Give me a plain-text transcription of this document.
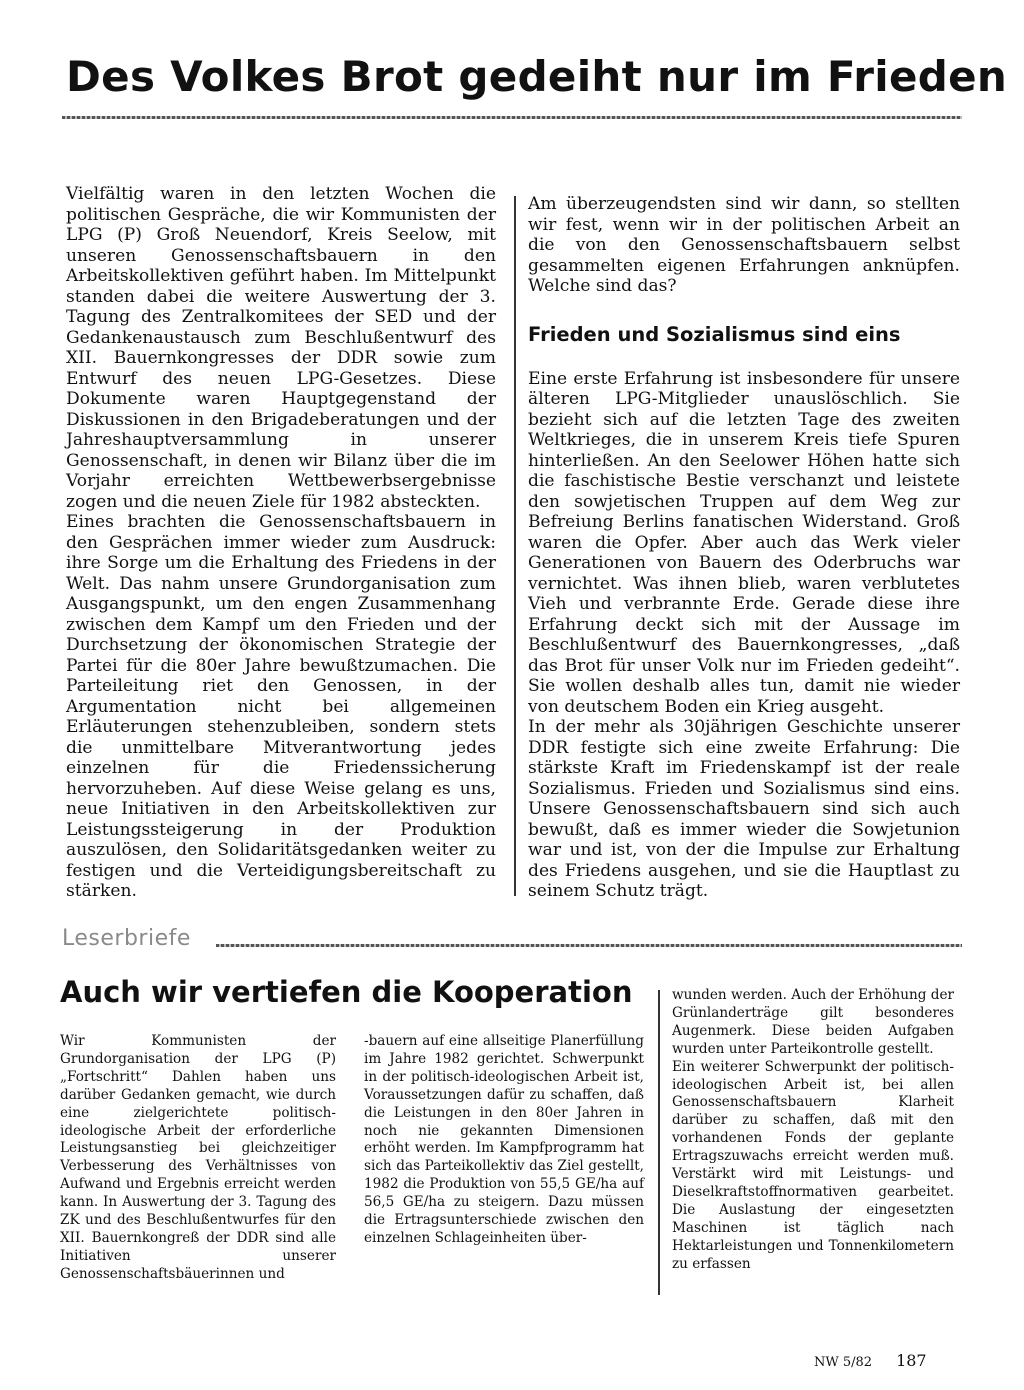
Des Volkes Brot gedeiht nur im Frieden

Vielfältig waren in den letzten Wochen die politischen Gespräche, die wir Kommunisten der LPG (P) Groß Neuendorf, Kreis Seelow, mit unseren Genossenschaftsbauern in den Arbeitskollektiven geführt haben. Im Mittelpunkt standen dabei die weitere Auswertung der 3. Tagung des Zentralkomitees der SED und der Gedankenaustausch zum Beschlußentwurf des XII. Bauernkongresses der DDR sowie zum Entwurf des neuen LPG-Gesetzes. Diese Dokumente waren Hauptgegenstand der Diskussionen in den Brigadeberatungen und der Jahreshauptversammlung in unserer Genossenschaft, in denen wir Bilanz über die im Vorjahr erreichten Wettbewerbsergebnisse zogen und die neuen Ziele für 1982 absteckten.

Eines brachten die Genossenschaftsbauern in den Gesprächen immer wieder zum Ausdruck: ihre Sorge um die Erhaltung des Friedens in der Welt. Das nahm unsere Grundorganisation zum Ausgangspunkt, um den engen Zusammenhang zwischen dem Kampf um den Frieden und der Durchsetzung der ökonomischen Strategie der Partei für die 80er Jahre bewußtzumachen. Die Parteileitung riet den Genossen, in der Argumentation nicht bei allgemeinen Erläuterungen stehenzubleiben, sondern stets die unmittelbare Mitverantwortung jedes einzelnen für die Friedenssicherung hervorzuheben. Auf diese Weise gelang es uns, neue Initiativen in den Arbeitskollektiven zur Leistungssteigerung in der Produktion auszulösen, den Solidaritätsgedanken weiter zu festigen und die Verteidigungsbereitschaft zu stärken.

Am überzeugendsten sind wir dann, so stellten wir fest, wenn wir in der politischen Arbeit an die von den Genossenschaftsbauern selbst gesammelten eigenen Erfahrungen anknüpfen. Welche sind das?

Frieden und Sozialismus sind eins

Eine erste Erfahrung ist insbesondere für unsere älteren LPG-Mitglieder unauslöschlich. Sie bezieht sich auf die letzten Tage des zweiten Weltkrieges, die in unserem Kreis tiefe Spuren hinterließen. An den Seelower Höhen hatte sich die faschistische Bestie verschanzt und leistete den sowjetischen Truppen auf dem Weg zur Befreiung Berlins fanatischen Widerstand. Groß waren die Opfer. Aber auch das Werk vieler Generationen von Bauern des Oderbruchs war vernichtet. Was ihnen blieb, waren verblutetes Vieh und verbrannte Erde. Gerade diese ihre Erfahrung deckt sich mit der Aussage im Beschlußentwurf des Bauernkongresses, „daß das Brot für unser Volk nur im Frieden gedeiht“. Sie wollen deshalb alles tun, damit nie wieder von deutschem Boden ein Krieg ausgeht.

In der mehr als 30jährigen Geschichte unserer DDR festigte sich eine zweite Erfahrung: Die stärkste Kraft im Friedenskampf ist der reale Sozialismus. Frieden und Sozialismus sind eins. Unsere Genossenschaftsbauern sind sich auch bewußt, daß es immer wieder die Sowjetunion war und ist, von der die Impulse zur Erhaltung des Friedens ausgehen, und sie die Hauptlast zu seinem Schutz trägt.

Leserbriefe
Auch wir vertiefen die Kooperation

Wir Kommunisten der Grundorganisation der LPG (P) „Fortschritt“ Dahlen haben uns darüber Gedanken gemacht, wie durch eine zielgerichtete politisch-ideologische Arbeit der erforderliche Leistungsanstieg bei gleichzeitiger Verbesserung des Verhältnisses von Aufwand und Ergebnis erreicht werden kann. In Auswertung der 3. Tagung des ZK und des Beschlußentwurfes für den XII. Bauernkongreß der DDR sind alle Initiativen unserer Genossenschaftsbäuerinnen und

-bauern auf eine allseitige Planerfüllung im Jahre 1982 gerichtet. Schwerpunkt in der politisch-ideologischen Arbeit ist, Voraussetzungen dafür zu schaffen, daß die Leistungen in den 80er Jahren in noch nie gekannten Dimensionen erhöht werden. Im Kampfprogramm hat sich das Parteikollektiv das Ziel gestellt, 1982 die Produktion von 55,5 GE/ha auf 56,5 GE/ha zu steigern. Dazu müssen die Ertragsunterschiede zwischen den einzelnen Schlageinheiten über-

wunden werden. Auch der Erhöhung der Grünlanderträge gilt besonderes Augenmerk. Diese beiden Aufgaben wurden unter Parteikontrolle gestellt.

Ein weiterer Schwerpunkt der politisch-ideologischen Arbeit ist, bei allen Genossenschaftsbauern Klarheit darüber zu schaffen, daß mit den vorhandenen Fonds der geplante Ertragszuwachs erreicht werden muß. Verstärkt wird mit Leistungs- und Dieselkraftstoffnormativen gearbeitet. Die Auslastung der eingesetzten Maschinen ist täglich nach Hektarleistungen und Tonnenkilometern zu erfassen

NW 5/82 187
